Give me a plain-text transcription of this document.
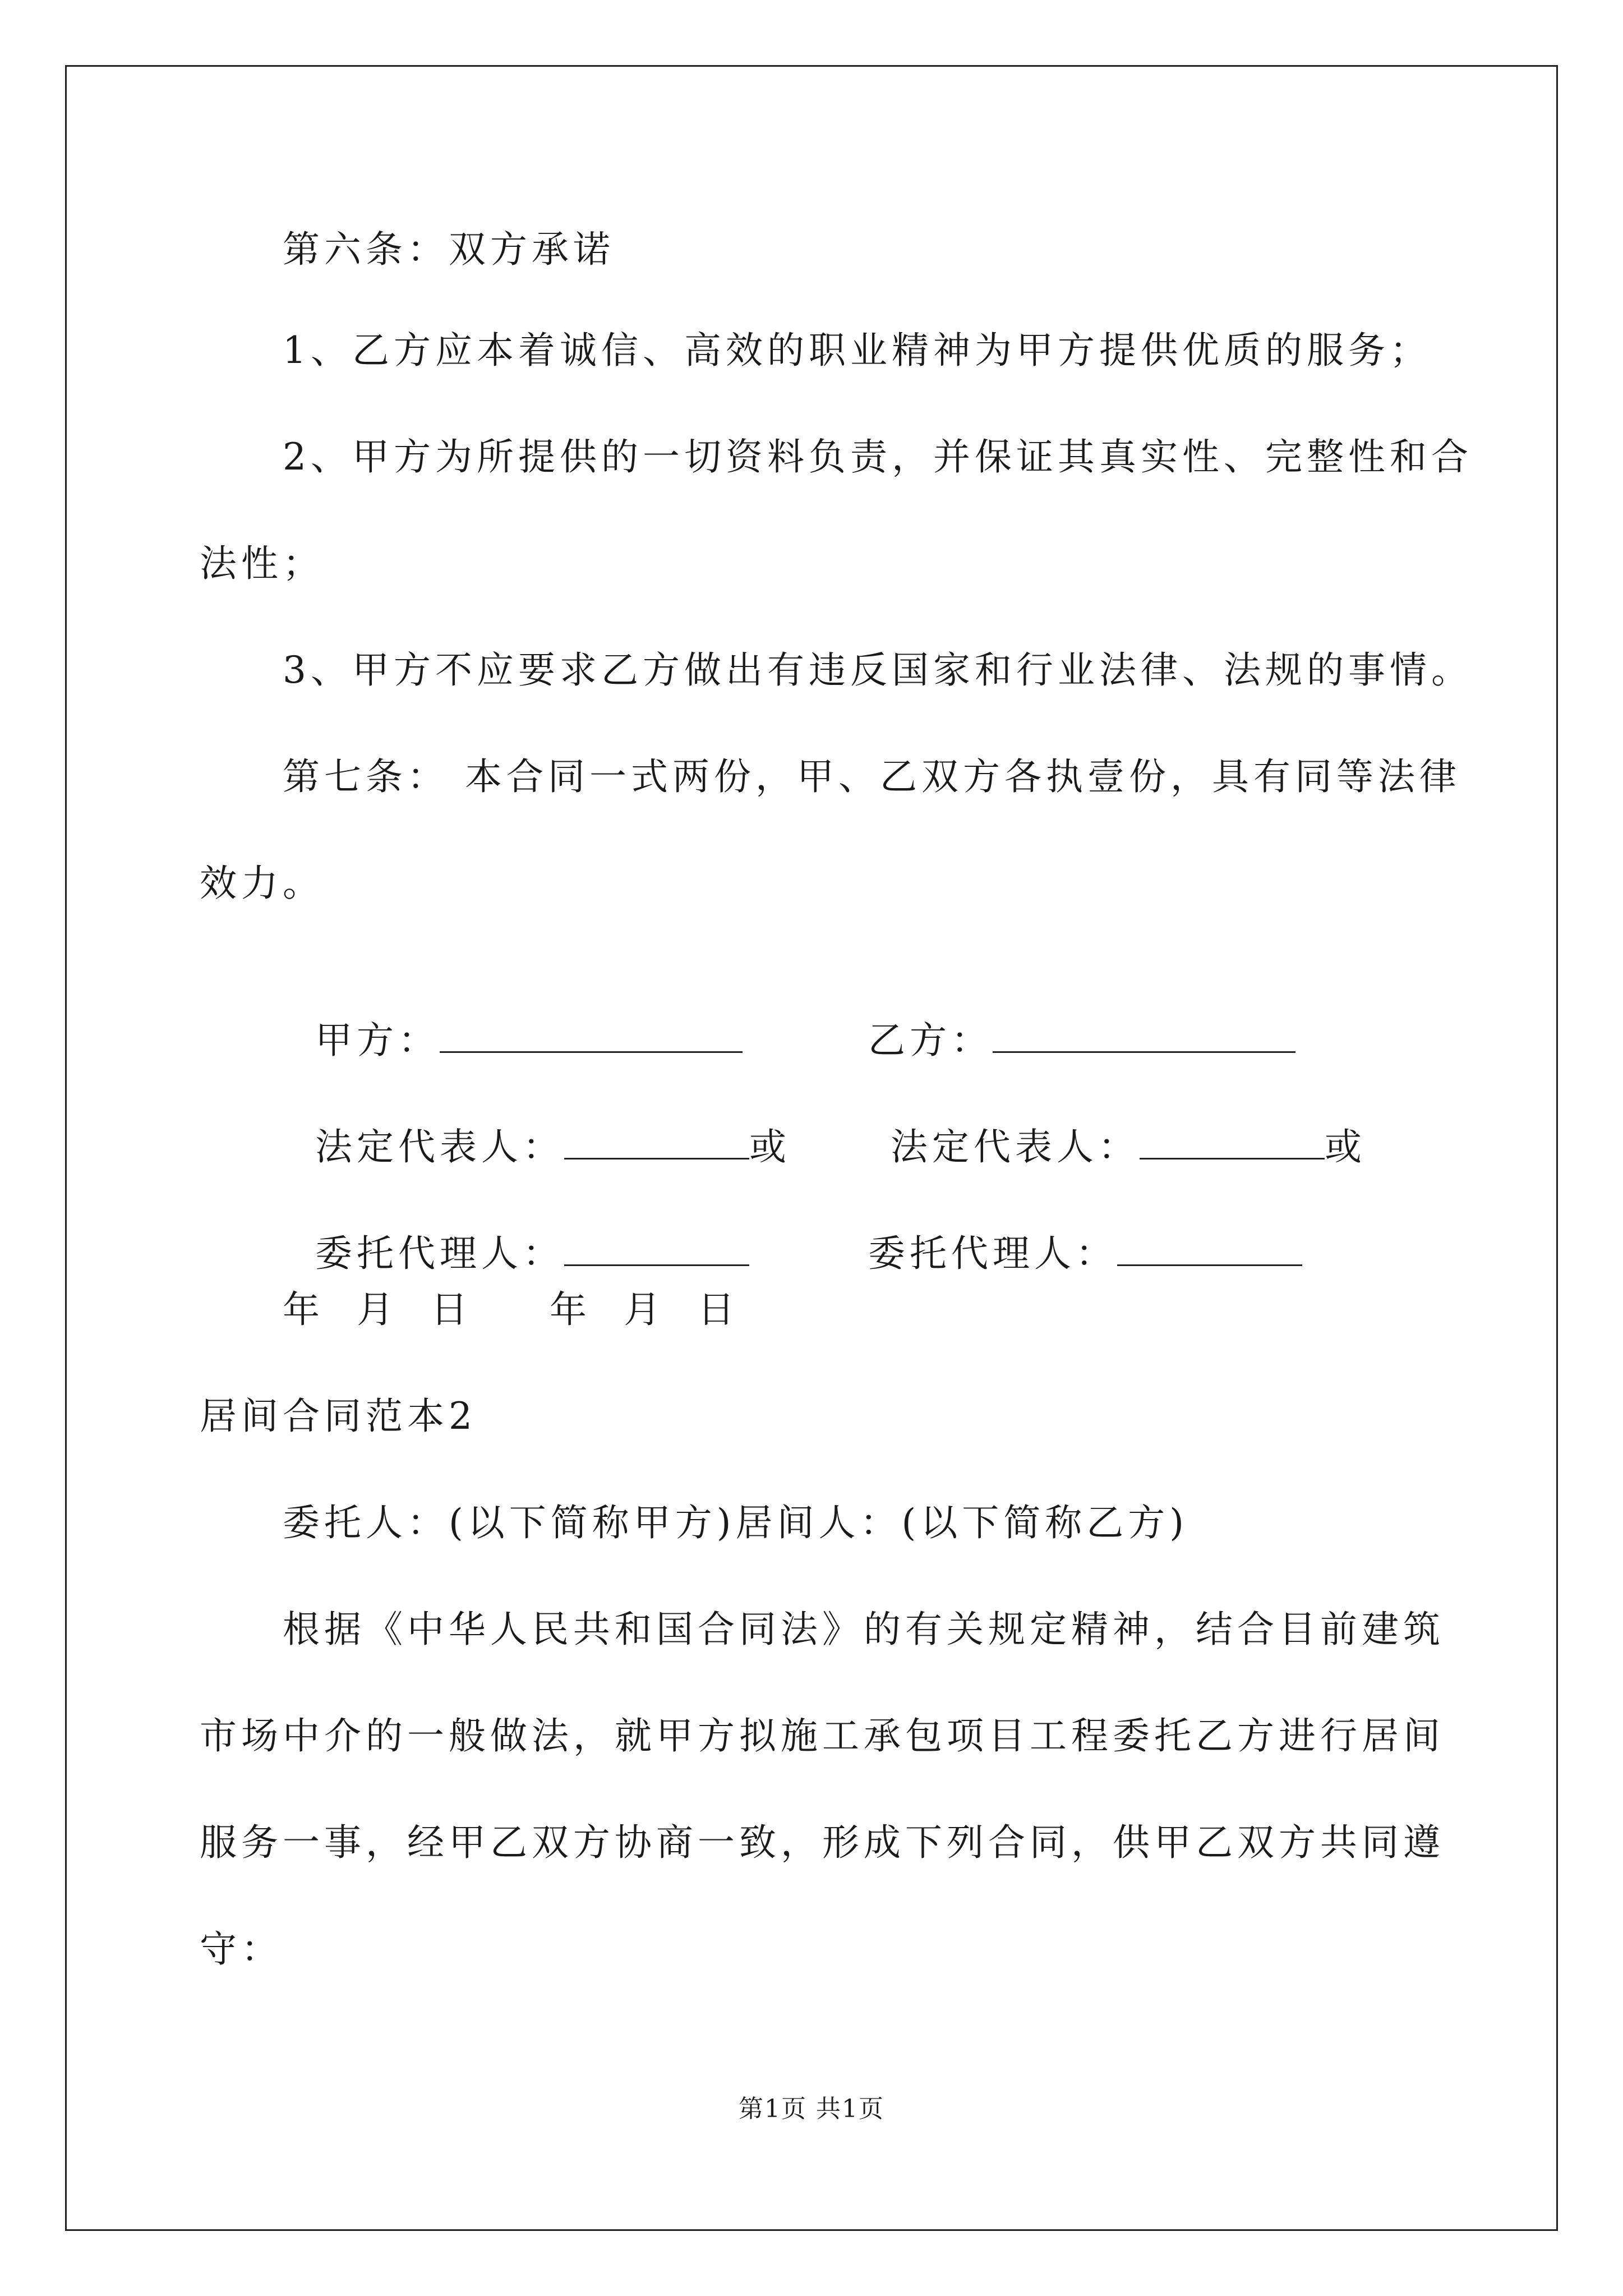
第六条：双方承诺
1、乙方应本着诚信、高效的职业精神为甲方提供优质的服务；
2、甲方为所提供的一切资料负责，并保证其真实性、完整性和合
法性；
3、甲方不应要求乙方做出有违反国家和行业法律、法规的事情。
第七条： 本合同一式两份，甲、乙双方各执壹份，具有同等法律
效力。

甲方：	乙方：

法定代表人：	或	法定代表人：	或

委托代理人：	委托代理人：

年  月  日 年  月  日
居间合同范本2
委托人：(以下简称甲方)居间人：(以下简称乙方)
根据《中华人民共和国合同法》的有关规定精神，结合目前建筑
市场中介的一般做法，就甲方拟施工承包项目工程委托乙方进行居间
服务一事，经甲乙双方协商一致，形成下列合同，供甲乙双方共同遵
守：
第1页 共1页
